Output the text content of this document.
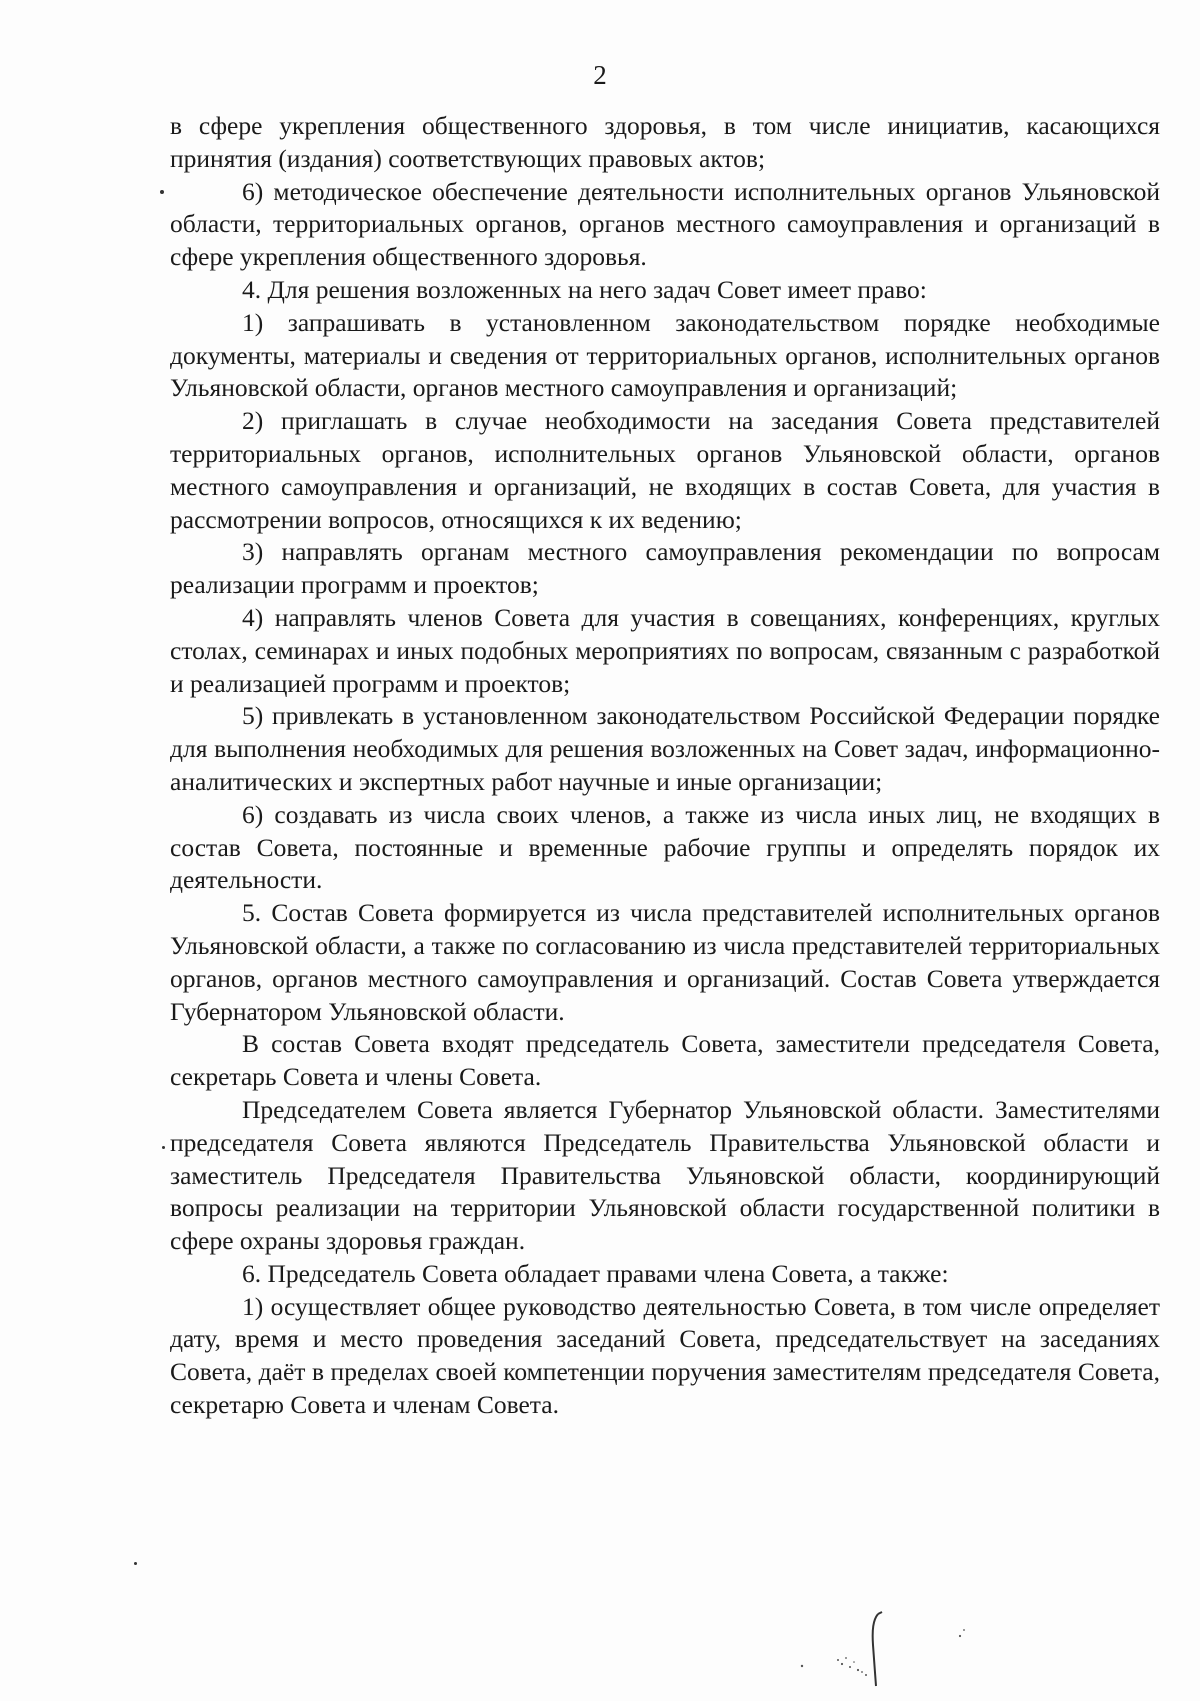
2

в сфере укрепления общественного здоровья, в том числе инициатив, касающихся принятия (издания) соответствующих правовых актов;

6) методическое обеспечение деятельности исполнительных органов Ульяновской области, территориальных органов, органов местного самоуправления и организаций в сфере укрепления общественного здоровья.

4. Для решения возложенных на него задач Совет имеет право:

1) запрашивать в установленном законодательством порядке необходимые документы, материалы и сведения от территориальных органов, исполнительных органов Ульяновской области, органов местного самоуправления и организаций;

2) приглашать в случае необходимости на заседания Совета представителей территориальных органов, исполнительных органов Ульяновской области, органов местного самоуправления и организаций, не входящих в состав Совета, для участия в рассмотрении вопросов, относящихся к их ведению;

3) направлять органам местного самоуправления рекомендации по вопросам реализации программ и проектов;

4) направлять членов Совета для участия в совещаниях, конференциях, круглых столах, семинарах и иных подобных мероприятиях по вопросам, связанным с разработкой и реализацией программ и проектов;

5) привлекать в установленном законодательством Российской Федерации порядке для выполнения необходимых для решения возложенных на Совет задач, информационно-аналитических и экспертных работ научные и иные организации;

6) создавать из числа своих членов, а также из числа иных лиц, не входящих в состав Совета, постоянные и временные рабочие группы и определять порядок их деятельности.

5. Состав Совета формируется из числа представителей исполнительных органов Ульяновской области, а также по согласованию из числа представителей территориальных органов, органов местного самоуправления и организаций. Состав Совета утверждается Губернатором Ульяновской области.

В состав Совета входят председатель Совета, заместители председателя Совета, секретарь Совета и члены Совета.

Председателем Совета является Губернатор Ульяновской области. Заместителями председателя Совета являются Председатель Правительства Ульяновской области и заместитель Председателя Правительства Ульяновской области, координирующий вопросы реализации на территории Ульяновской области государственной политики в сфере охраны здоровья граждан.

6. Председатель Совета обладает правами члена Совета, а также:

1) осуществляет общее руководство деятельностью Совета, в том числе определяет дату, время и место проведения заседаний Совета, председательствует на заседаниях Совета, даёт в пределах своей компетенции поручения заместителям председателя Совета, секретарю Совета и членам Совета.
